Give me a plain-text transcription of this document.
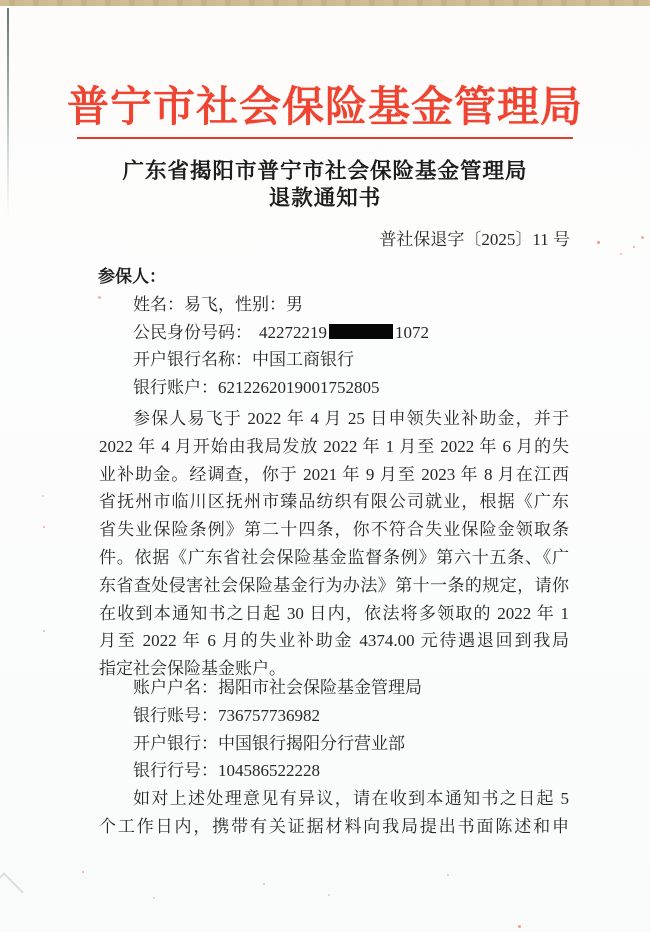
普宁市社会保险基金管理局
广东省揭阳市普宁市社会保险基金管理局
退款通知书
普社保退字〔2025〕11 号
参保人：
姓名：易飞，性别：男
公民身份号码： 42272219	1072
开户银行名称：中国工商银行
银行账户：6212262019001752805
参保人易飞于 2022 年 4 月 25 日申领失业补助金，并于
2022 年 4 月开始由我局发放 2022 年 1 月至 2022 年 6 月的失
业补助金。经调查，你于 2021 年 9 月至 2023 年 8 月在江西
省抚州市临川区抚州市臻品纺织有限公司就业，根据《广东
省失业保险条例》第二十四条，你不符合失业保险金领取条
件。依据《广东省社会保险基金监督条例》第六十五条、《广
东省查处侵害社会保险基金行为办法》第十一条的规定，请你
在收到本通知书之日起 30 日内，依法将多领取的 2022 年 1
月至 2022 年 6 月的失业补助金 4374.00 元待遇退回到我局
指定社会保险基金账户。
账户户名：揭阳市社会保险基金管理局
银行账号：736757736982
开户银行：中国银行揭阳分行营业部
银行行号：104586522228
如对上述处理意见有异议，请在收到本通知书之日起 5
个工作日内，携带有关证据材料向我局提出书面陈述和申
